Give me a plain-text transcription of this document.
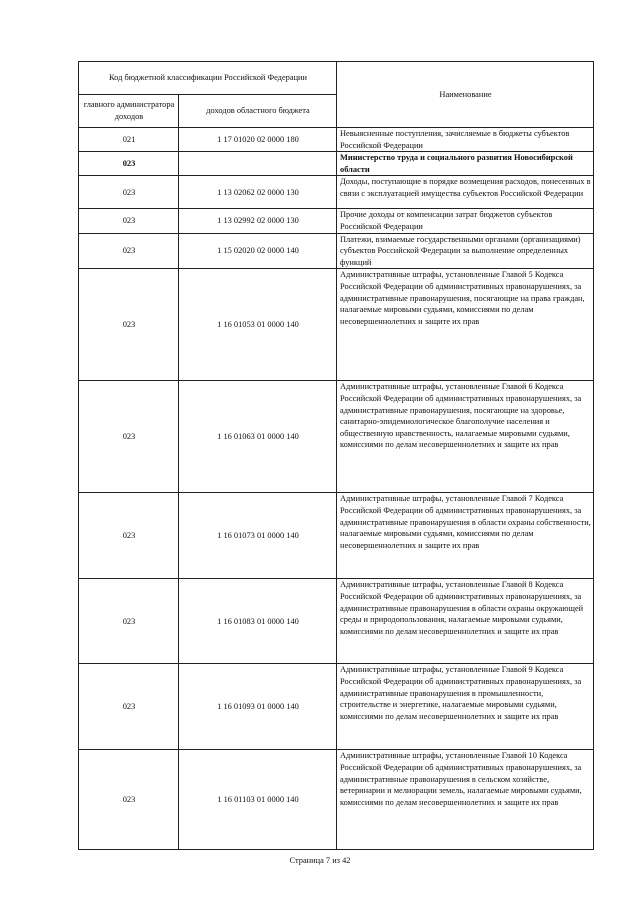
Код бюджетной классификации Российской Федерации		Наименование
главного администратора доходов	доходов областного бюджета	
021	1 17 01020 02 0000 180	Невыясненные поступления, зачисляемые в бюджеты субъектов Российской Федерации
023		Министерство труда и социального развития Новосибирской области
023	1 13 02062 02 0000 130	Доходы, поступающие в порядке возмещения расходов, понесенных в связи с эксплуатацией имущества субъектов Российской Федерации
023	1 13 02992 02 0000 130	Прочие доходы от компенсации затрат бюджетов субъектов Российской Федерации
023	1 15 02020 02 0000 140	Платежи, взимаемые государственными органами (организациями) субъектов Российской Федерации за выполнение определенных функций
023	1 16 01053 01 0000 140	Административные штрафы, установленные Главой 5 Кодекса Российской Федерации об административных правонарушениях, за административные правонарушения, посягающие на права граждан, налагаемые мировыми судьями, комиссиями по делам несовершеннолетних и защите их прав
023	1 16 01063 01 0000 140	Административные штрафы, установленные Главой 6 Кодекса Российской Федерации об административных правонарушениях, за административные правонарушения, посягающие на здоровье, санитарно-эпидемиологическое благополучие населения и общественную нравственность, налагаемые мировыми судьями, комиссиями по делам несовершеннолетних и защите их прав
023	1 16 01073 01 0000 140	Административные штрафы, установленные Главой 7 Кодекса Российской Федерации об административных правонарушениях, за административные правонарушения в области охраны собственности, налагаемые мировыми судьями, комиссиями по делам несовершеннолетних и защите их прав
023	1 16 01083 01 0000 140	Административные штрафы, установленные Главой 8 Кодекса Российской Федерации об административных правонарушениях, за административные правонарушения в области охраны окружающей среды и природопользования, налагаемые мировыми судьями, комиссиями по делам несовершеннолетних и защите их прав
023	1 16 01093 01 0000 140	Административные штрафы, установленные Главой 9 Кодекса Российской Федерации об административных правонарушениях, за административные правонарушения в промышленности, строительстве и энергетике, налагаемые мировыми судьями, комиссиями по делам несовершеннолетних и защите их прав
023	1 16 01103 01 0000 140	Административные штрафы, установленные Главой 10 Кодекса Российской Федерации об административных правонарушениях, за административные правонарушения в сельском хозяйстве, ветеринарии и мелиорации земель, налагаемые мировыми судьями, комиссиями по делам несовершеннолетних и защите их прав
Страница 7 из 42
